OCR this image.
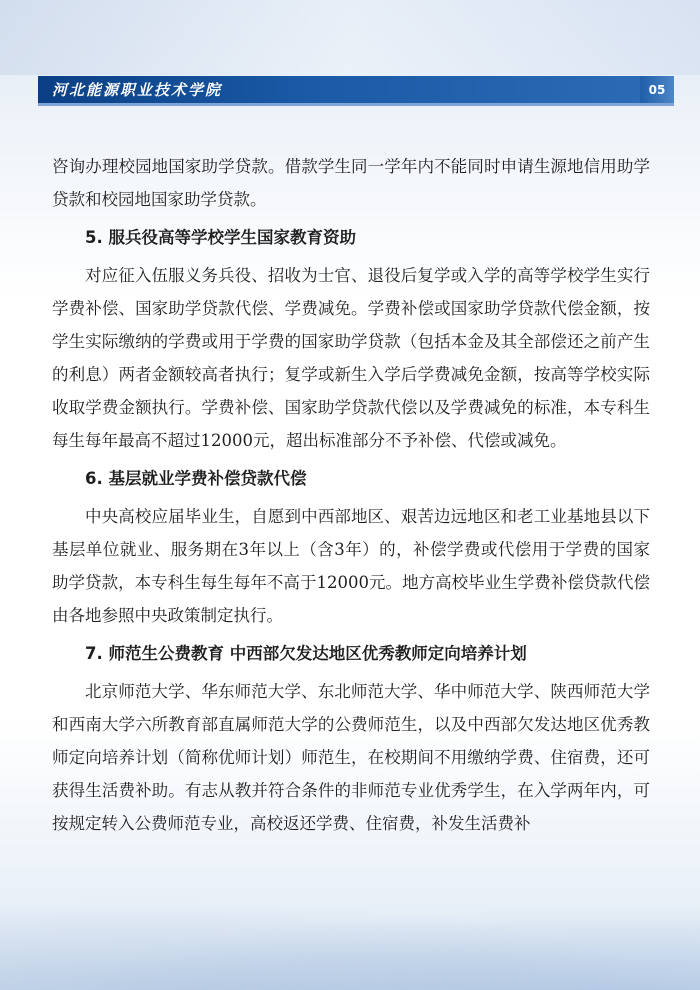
河北能源职业技术学院	05

咨询办理校园地国家助学贷款。借款学生同一学年内不能同时申请生源地信用助学贷款和校园地国家助学贷款。

5. 服兵役高等学校学生国家教育资助

对应征入伍服义务兵役、招收为士官、退役后复学或入学的高等学校学生实行学费补偿、国家助学贷款代偿、学费减免。学费补偿或国家助学贷款代偿金额，按学生实际缴纳的学费或用于学费的国家助学贷款（包括本金及其全部偿还之前产生的利息）两者金额较高者执行；复学或新生入学后学费减免金额，按高等学校实际收取学费金额执行。学费补偿、国家助学贷款代偿以及学费减免的标准，本专科生每生每年最高不超过12000元，超出标准部分不予补偿、代偿或减免。

6. 基层就业学费补偿贷款代偿

中央高校应届毕业生，自愿到中西部地区、艰苦边远地区和老工业基地县以下基层单位就业、服务期在3年以上（含3年）的，补偿学费或代偿用于学费的国家助学贷款，本专科生每生每年不高于12000元。地方高校毕业生学费补偿贷款代偿由各地参照中央政策制定执行。

7. 师范生公费教育 中西部欠发达地区优秀教师定向培养计划

北京师范大学、华东师范大学、东北师范大学、华中师范大学、陕西师范大学和西南大学六所教育部直属师范大学的公费师范生，以及中西部欠发达地区优秀教师定向培养计划（简称优师计划）师范生，在校期间不用缴纳学费、住宿费，还可获得生活费补助。有志从教并符合条件的非师范专业优秀学生，在入学两年内，可按规定转入公费师范专业，高校返还学费、住宿费，补发生活费补
